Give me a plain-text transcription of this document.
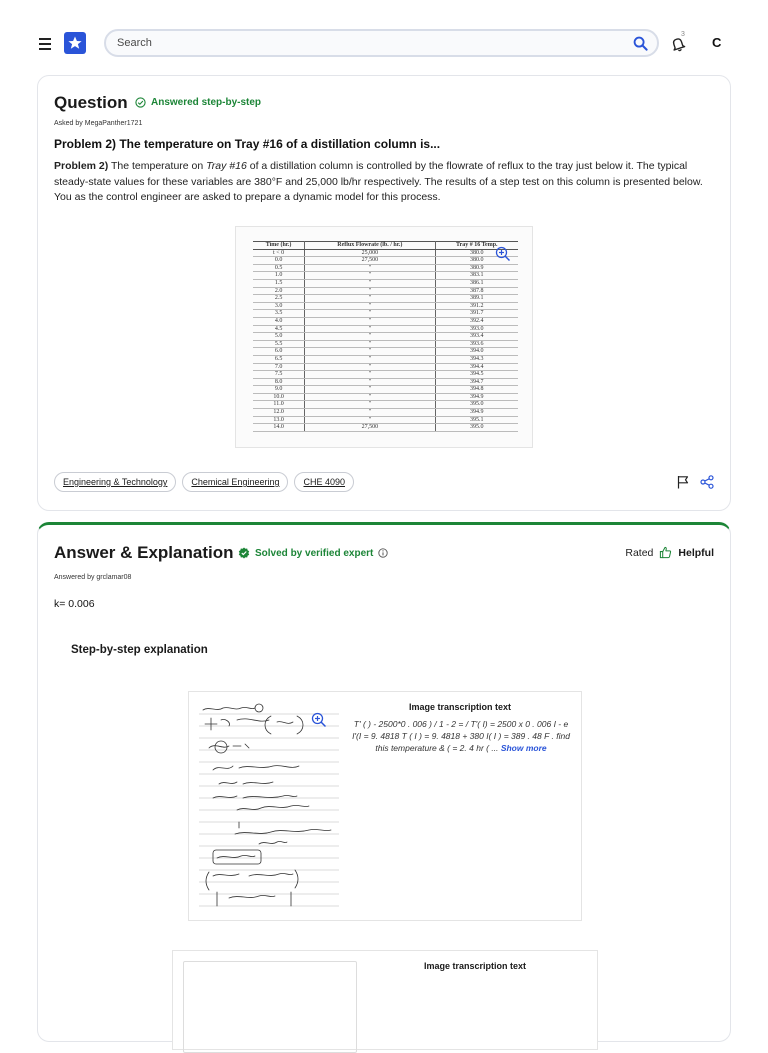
Search
3
C
Question Answered step-by-step
Asked by MegaPanther1721
Problem 2) The temperature on Tray #16 of a distillation column is...
Problem 2) The temperature on Tray #16 of a distillation column is controlled by the flowrate of reflux to the tray just below it. The typical steady-state values for these variables are 380°F and 25,000 lb/hr respectively. The results of a step test on this column is presented below. You as the control engineer are asked to prepare a dynamic model for this process.
Time (hr.)	Reflux Flowrate (lb. / hr.)	Tray # 16 Temp.
t < 0	25,000	380.0
0.0	27,500	380.0
0.5	"	380.9
1.0	"	383.1
1.5	"	386.1
2.0	"	387.8
2.5	"	389.1
3.0	"	391.2
3.5	"	391.7
4.0	"	392.4
4.5	"	393.0
5.0	"	393.4
5.5	"	393.6
6.0	"	394.0
6.5	"	394.3
7.0	"	394.4
7.5	"	394.5
8.0	"	394.7
9.0	"	394.8
10.0	"	394.9
11.0	"	395.0
12.0	"	394.9
13.0	"	395.1
14.0	27,500	395.0
Engineering & Technology	Chemical Engineering	CHE 4090
Answer & Explanation Solved by verified expert	Rated Helpful
Answered by grclamar08
k= 0.006
Step-by-step explanation
Image transcription text
T' ( ) - 2500*0 . 006 ) / 1 - 2 = / T'( I) = 2500 x 0 . 006 I - e I'(I = 9. 4818 T ( I ) = 9. 4818 + 380 I( I ) = 389 . 48 F . find this temperature & ( = 2. 4 hr ( ... Show more
Image transcription text
